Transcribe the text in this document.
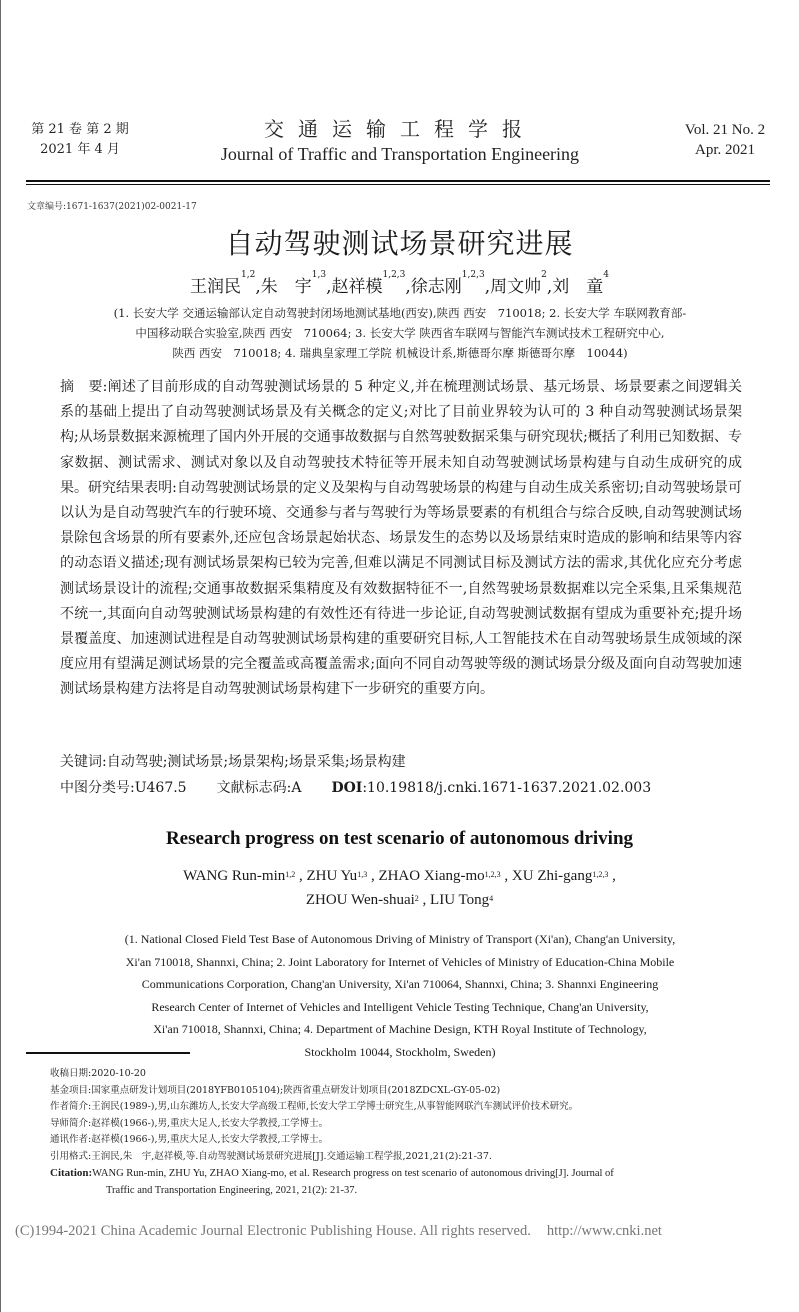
第 21 卷 第 2 期
2021 年 4 月
交通运输工程学报
Journal of Traffic and Transportation Engineering
Vol. 21 No. 2
Apr. 2021
文章编号:1671-1637(2021)02-0021-17
自动驾驶测试场景研究进展
王润民$^{1,2}$,朱　宇$^{1,3}$,赵祥模$^{1,2,3}$,徐志刚$^{1,2,3}$,周文帅$^2$,刘　童$^4$
(1. 长安大学 交通运输部认定自动驾驶封闭场地测试基地(西安),陕西 西安　710018; 2. 长安大学 车联网教育部-
中国移动联合实验室,陕西 西安　710064; 3. 长安大学 陕西省车联网与智能汽车测试技术工程研究中心,
陕西 西安　710018; 4. 瑞典皇家理工学院 机械设计系,斯德哥尔摩 斯德哥尔摩　10044)
摘　要:阐述了目前形成的自动驾驶测试场景的 5 种定义,并在梳理测试场景、基元场景、场景要素之间逻辑关系的基础上提出了自动驾驶测试场景及有关概念的定义;对比了目前业界较为认可的 3 种自动驾驶测试场景架构;从场景数据来源梳理了国内外开展的交通事故数据与自然驾驶数据采集与研究现状;概括了利用已知数据、专家数据、测试需求、测试对象以及自动驾驶技术特征等开展未知自动驾驶测试场景构建与自动生成研究的成果。研究结果表明:自动驾驶测试场景的定义及架构与自动驾驶场景的构建与自动生成关系密切;自动驾驶场景可以认为是自动驾驶汽车的行驶环境、交通参与者与驾驶行为等场景要素的有机组合与综合反映,自动驾驶测试场景除包含场景的所有要素外,还应包含场景起始状态、场景发生的态势以及场景结束时造成的影响和结果等内容的动态语义描述;现有测试场景架构已较为完善,但难以满足不同测试目标及测试方法的需求,其优化应充分考虑测试场景设计的流程;交通事故数据采集精度及有效数据特征不一,自然驾驶场景数据难以完全采集,且采集规范不统一,其面向自动驾驶测试场景构建的有效性还有待进一步论证,自动驾驶测试数据有望成为重要补充;提升场景覆盖度、加速测试进程是自动驾驶测试场景构建的重要研究目标,人工智能技术在自动驾驶场景生成领域的深度应用有望满足测试场景的完全覆盖或高覆盖需求;面向不同自动驾驶等级的测试场景分级及面向自动驾驶加速测试场景构建方法将是自动驾驶测试场景构建下一步研究的重要方向。
关键词:自动驾驶;测试场景;场景架构;场景采集;场景构建
中图分类号:U467.5 文献标志码:A DOI:10.19818/j.cnki.1671-1637.2021.02.003
Research progress on test scenario of autonomous driving
WANG Run-$\min^{1,2}$ , ZHU Yu$^{1,3}$ , ZHAO Xiang-mo$^{1,2,3}$ , XU Zhi-gang$^{1,2,3}$ ,
ZHOU Wen-shuai$^2$ , LIU Tong$^4$
(1. National Closed Field Test Base of Autonomous Driving of Ministry of Transport (Xi'an), Chang'an University,
Xi'an 710018, Shannxi, China; 2. Joint Laboratory for Internet of Vehicles of Ministry of Education-China Mobile
Communications Corporation, Chang'an University, Xi'an 710064, Shannxi, China; 3. Shannxi Engineering
Research Center of Internet of Vehicles and Intelligent Vehicle Testing Technique, Chang'an University,
Xi'an 710018, Shannxi, China; 4. Department of Machine Design, KTH Royal Institute of Technology,
Stockholm 10044, Stockholm, Sweden)
收稿日期:2020-10-20
基金项目:国家重点研发计划项目(2018YFB0105104);陕西省重点研发计划项目(2018ZDCXL-GY-05-02)
作者简介:王润民(1989-),男,山东潍坊人,长安大学高级工程师,长安大学工学博士研究生,从事智能网联汽车测试评价技术研究。
导师简介:赵祥模(1966-),男,重庆大足人,长安大学教授,工学博士。
通讯作者:赵祥模(1966-),男,重庆大足人,长安大学教授,工学博士。
引用格式:王润民,朱　宇,赵祥模,等.自动驾驶测试场景研究进展[J].交通运输工程学报,2021,21(2):21-37.
Citation:WANG Run-min, ZHU Yu, ZHAO Xiang-mo, et al. Research progress on test scenario of autonomous driving[J]. Journal of
Traffic and Transportation Engineering, 2021, 21(2): 21-37.
(C)1994-2021 China Academic Journal Electronic Publishing House. All rights reserved. http://www.cnki.net
